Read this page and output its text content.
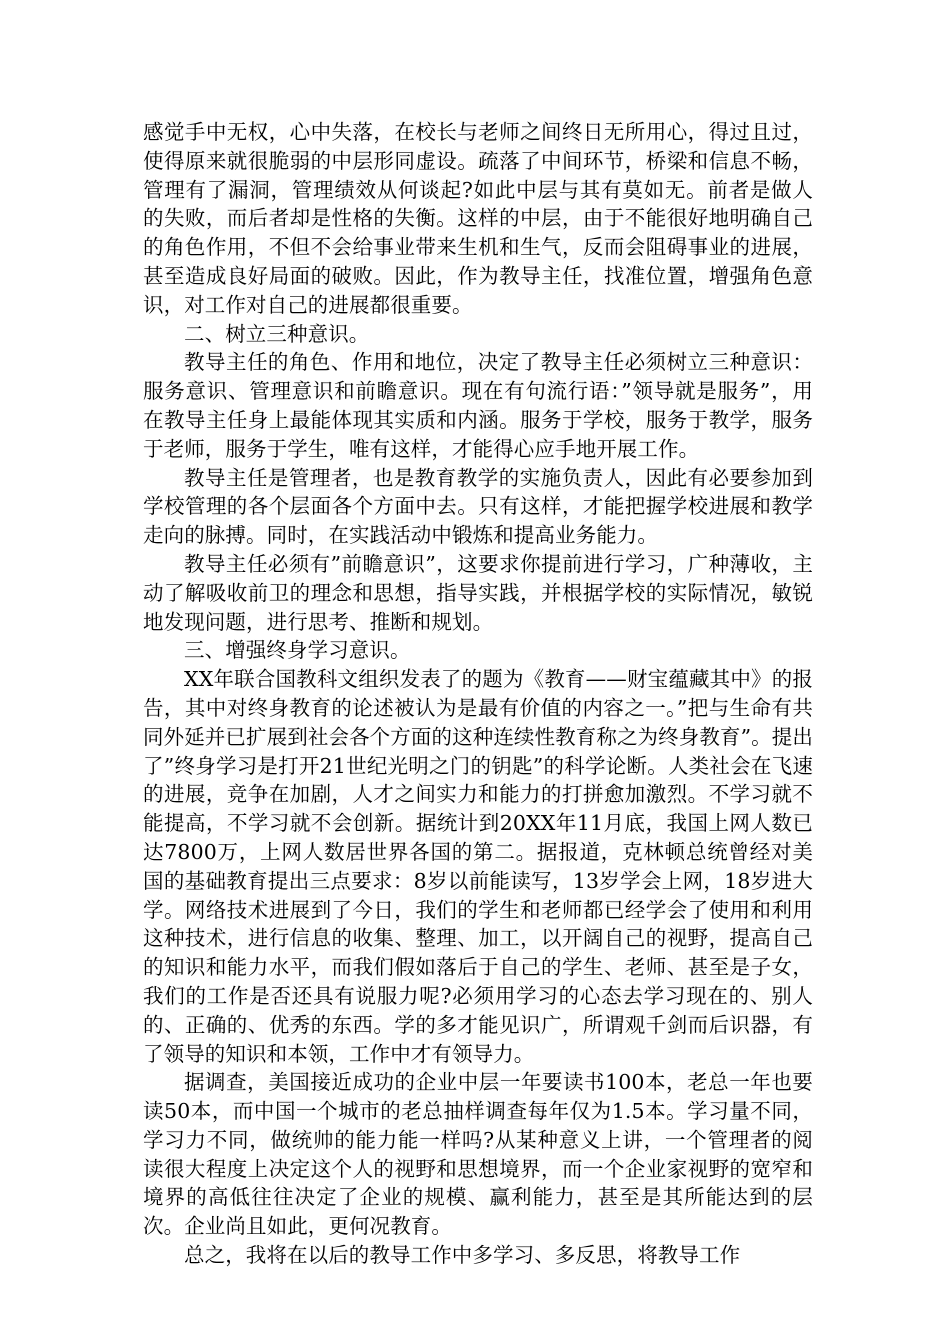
感觉手中无权，心中失落，在校长与老师之间终日无所用心，得过且过，使得原来就很脆弱的中层形同虚设。疏落了中间环节，桥梁和信息不畅，管理有了漏洞，管理绩效从何谈起?如此中层与其有莫如无。前者是做人的失败，而后者却是性格的失衡。这样的中层，由于不能很好地明确自己的角色作用，不但不会给事业带来生机和生气，反而会阻碍事业的进展，甚至造成良好局面的破败。因此，作为教导主任，找准位置，增强角色意识，对工作对自己的进展都很重要。

二、树立三种意识。

教导主任的角色、作用和地位，决定了教导主任必须树立三种意识：服务意识、管理意识和前瞻意识。现在有句流行语：”领导就是服务”，用在教导主任身上最能体现其实质和内涵。服务于学校，服务于教学，服务于老师，服务于学生，唯有这样，才能得心应手地开展工作。

教导主任是管理者，也是教育教学的实施负责人，因此有必要参加到学校管理的各个层面各个方面中去。只有这样，才能把握学校进展和教学走向的脉搏。同时，在实践活动中锻炼和提高业务能力。

教导主任必须有”前瞻意识”，这要求你提前进行学习，广种薄收，主动了解吸收前卫的理念和思想，指导实践，并根据学校的实际情况，敏锐地发现问题，进行思考、推断和规划。

三、增强终身学习意识。

XX年联合国教科文组织发表了的题为《教育——财宝蕴藏其中》的报告，其中对终身教育的论述被认为是最有价值的内容之一。”把与生命有共同外延并已扩展到社会各个方面的这种连续性教育称之为终身教育”。提出了”终身学习是打开21世纪光明之门的钥匙”的科学论断。人类社会在飞速的进展，竞争在加剧，人才之间实力和能力的打拼愈加激烈。不学习就不能提高，不学习就不会创新。据统计到20XX年11月底，我国上网人数已达7800万，上网人数居世界各国的第二。据报道，克林顿总统曾经对美国的基础教育提出三点要求：8岁以前能读写，13岁学会上网，18岁进大学。网络技术进展到了今日，我们的学生和老师都已经学会了使用和利用这种技术，进行信息的收集、整理、加工，以开阔自己的视野，提高自己的知识和能力水平，而我们假如落后于自己的学生、老师、甚至是子女，我们的工作是否还具有说服力呢?必须用学习的心态去学习现在的、别人的、正确的、优秀的东西。学的多才能见识广，所谓观千剑而后识器，有了领导的知识和本领，工作中才有领导力。

据调查，美国接近成功的企业中层一年要读书100本，老总一年也要读50本，而中国一个城市的老总抽样调查每年仅为1.5本。学习量不同，学习力不同，做统帅的能力能一样吗?从某种意义上讲，一个管理者的阅读很大程度上决定这个人的视野和思想境界，而一个企业家视野的宽窄和境界的高低往往决定了企业的规模、赢利能力，甚至是其所能达到的层次。企业尚且如此，更何况教育。

总之，我将在以后的教导工作中多学习、多反思，将教导工作
